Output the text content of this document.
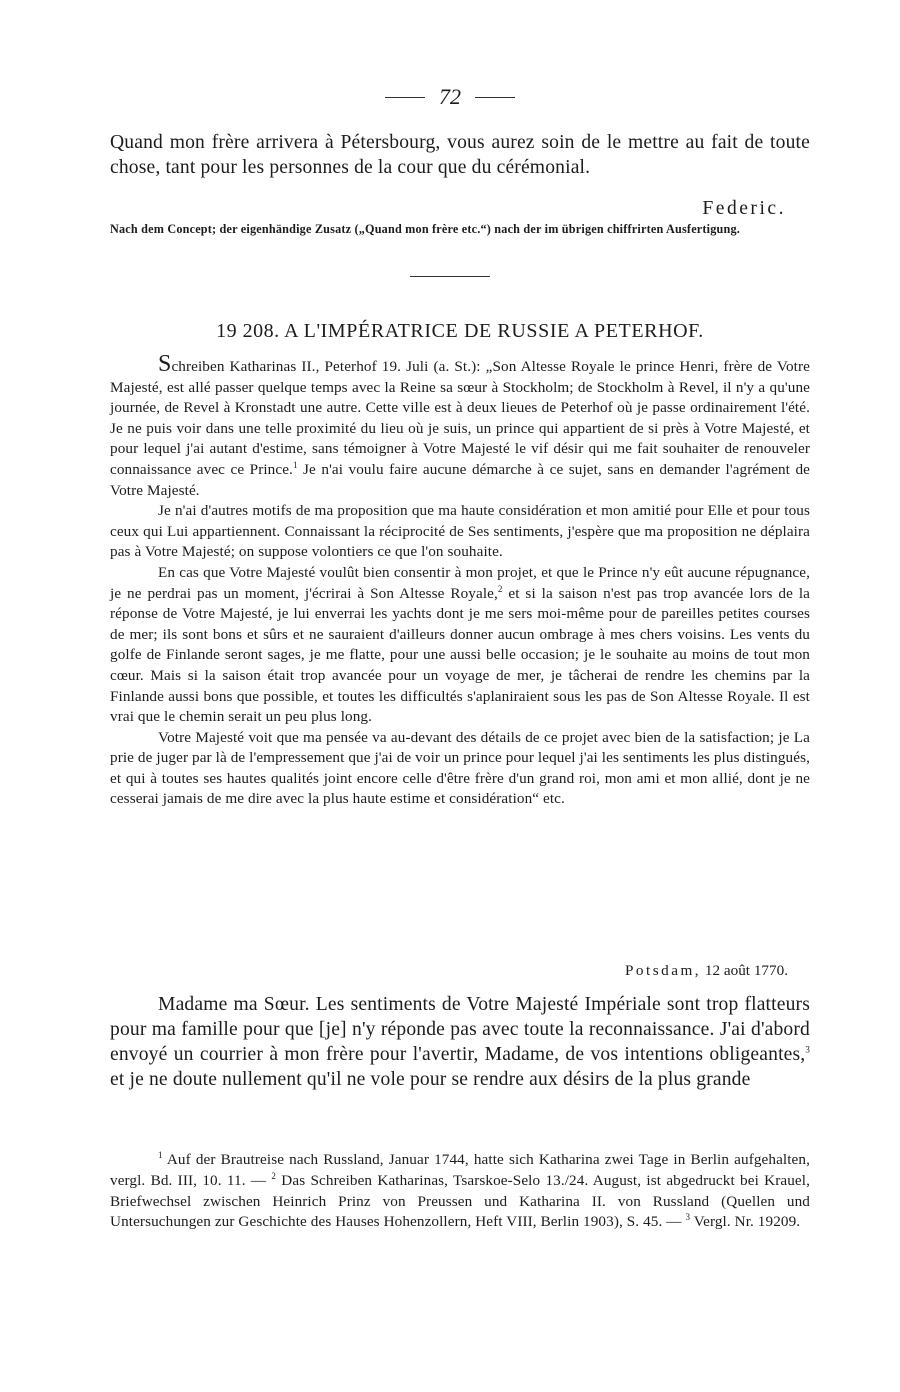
72
Quand mon frère arrivera à Pétersbourg, vous aurez soin de le mettre au fait de toute chose, tant pour les personnes de la cour que du cérémonial.
Federic.
Nach dem Concept; der eigenhändige Zusatz („Quand mon frère etc.“) nach der im übrigen chiffrirten Ausfertigung.
19 208. A L'IMPÉRATRICE DE RUSSIE A PETERHOF.

Schreiben Katharinas II., Peterhof 19. Juli (a. St.): „Son Altesse Royale le prince Henri, frère de Votre Majesté, est allé passer quelque temps avec la Reine sa sœur à Stockholm; de Stockholm à Revel, il n'y a qu'une journée, de Revel à Kronstadt une autre. Cette ville est à deux lieues de Peterhof où je passe ordinairement l'été. Je ne puis voir dans une telle proximité du lieu où je suis, un prince qui appartient de si près à Votre Majesté, et pour lequel j'ai autant d'estime, sans témoigner à Votre Majesté le vif désir qui me fait souhaiter de renouveler connaissance avec ce Prince.$^1$ Je n'ai voulu faire aucune démarche à ce sujet, sans en demander l'agrément de Votre Majesté.

Je n'ai d'autres motifs de ma proposition que ma haute considération et mon amitié pour Elle et pour tous ceux qui Lui appartiennent. Connaissant la réciprocité de Ses sentiments, j'espère que ma proposition ne déplaira pas à Votre Majesté; on suppose volontiers ce que l'on souhaite.

En cas que Votre Majesté voulût bien consentir à mon projet, et que le Prince n'y eût aucune répugnance, je ne perdrai pas un moment, j'écrirai à Son Altesse Royale,$^2$ et si la saison n'est pas trop avancée lors de la réponse de Votre Majesté, je lui enverrai les yachts dont je me sers moi-même pour de pareilles petites courses de mer; ils sont bons et sûrs et ne sauraient d'ailleurs donner aucun ombrage à mes chers voisins. Les vents du golfe de Finlande seront sages, je me flatte, pour une aussi belle occasion; je le souhaite au moins de tout mon cœur. Mais si la saison était trop avancée pour un voyage de mer, je tâcherai de rendre les chemins par la Finlande aussi bons que possible, et toutes les difficultés s'aplaniraient sous les pas de Son Altesse Royale. Il est vrai que le chemin serait un peu plus long.

Votre Majesté voit que ma pensée va au-devant des détails de ce projet avec bien de la satisfaction; je La prie de juger par là de l'empressement que j'ai de voir un prince pour lequel j'ai les sentiments les plus distingués, et qui à toutes ses hautes qualités joint encore celle d'être frère d'un grand roi, mon ami et mon allié, dont je ne cesserai jamais de me dire avec la plus haute estime et considération“ etc.

Potsdam, 12 août 1770.
Madame ma Sœur. Les sentiments de Votre Majesté Impériale sont trop flatteurs pour ma famille pour que [je] n'y réponde pas avec toute la reconnaissance. J'ai d'abord envoyé un courrier à mon frère pour l'avertir, Madame, de vos intentions obligeantes,$^3$ et je ne doute nullement qu'il ne vole pour se rendre aux désirs de la plus grande
$^1$ Auf der Brautreise nach Russland, Januar 1744, hatte sich Katharina zwei Tage in Berlin aufgehalten, vergl. Bd. III, 10. 11. — $^2$ Das Schreiben Katharinas, Tsarskoe-Selo 13./24. August, ist abgedruckt bei Krauel, Briefwechsel zwischen Heinrich Prinz von Preussen und Katharina II. von Russland (Quellen und Untersuchungen zur Geschichte des Hauses Hohenzollern, Heft VIII, Berlin 1903), S. 45. — $^3$ Vergl. Nr. 19209.
